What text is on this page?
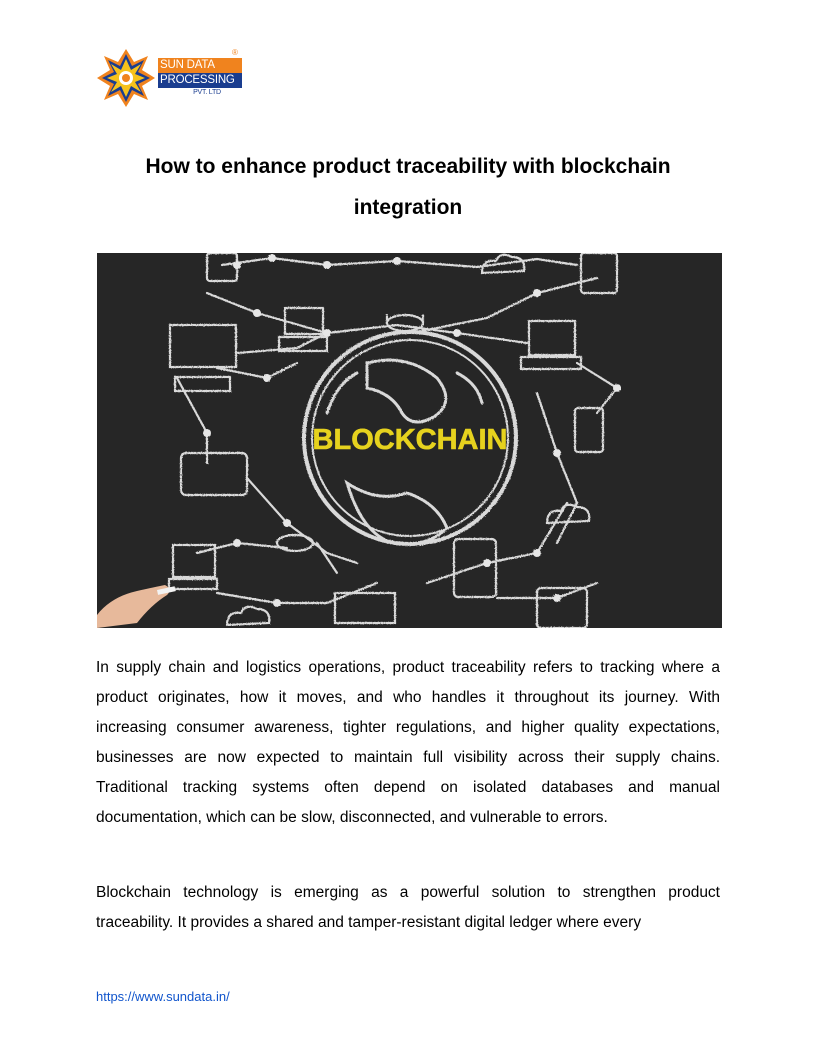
SUN DATA
PROCESSING
PVT. LTD
®
How to enhance product traceability with blockchain integration
BLOCKCHAIN

In supply chain and logistics operations, product traceability refers to tracking where a product originates, how it moves, and who handles it throughout its journey. With increasing consumer awareness, tighter regulations, and higher quality expectations, businesses are now expected to maintain full visibility across their supply chains. Traditional tracking systems often depend on isolated databases and manual documentation, which can be slow, disconnected, and vulnerable to errors.

Blockchain technology is emerging as a powerful solution to strengthen product traceability. It provides a shared and tamper-resistant digital ledger where every

https://www.sundata.in/
